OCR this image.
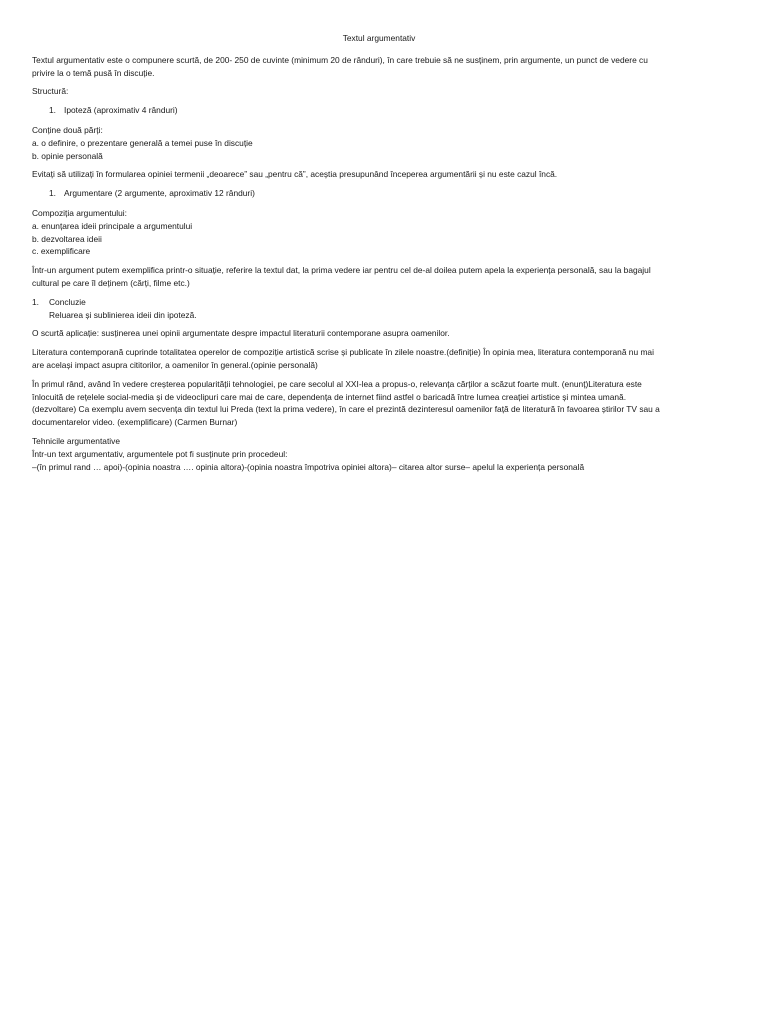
Textul argumentativ

Textul argumentativ este o compunere scurtă, de 200- 250 de cuvinte (minimum 20 de rânduri), în care trebuie să ne susținem, prin argumente, un punct de vedere cu

privire la o temă pusă în discuție.

Structură:

1. Ipoteză (aproximativ 4 rânduri)

Conține două părți:

a. o definire, o prezentare generală a temei puse în discuție

b. opinie personală

Evitați să utilizați în formularea opiniei termenii „deoarece” sau „pentru că”, aceștia presupunând începerea argumentării și nu este cazul încă.

1. Argumentare (2 argumente, aproximativ 12 rânduri)

Compoziția argumentului:

a. enunțarea ideii principale a argumentului

b. dezvoltarea ideii

c. exemplificare

Într-un argument putem exemplifica printr-o situație, referire la textul dat, la prima vedere iar pentru cel de-al doilea putem apela la experiența personală, sau la bagajul

cultural pe care îl deținem (cărți, filme etc.)

1. Concluzie

Reluarea și sublinierea ideii din ipoteză.

O scurtă aplicație: susținerea unei opinii argumentate despre impactul literaturii contemporane asupra oamenilor.

Literatura contemporană cuprinde totalitatea operelor de compoziție artistică scrise și publicate în zilele noastre.(definiție) În opinia mea, literatura contemporană nu mai

are același impact asupra cititorilor, a oamenilor în general.(opinie personală)

În primul rând, având în vedere creșterea popularității tehnologiei, pe care secolul al XXI-lea a propus-o, relevanța cărților a scăzut foarte mult. (enunț)Literatura este

înlocuită de rețelele social-media și de videoclipuri care mai de care, dependența de internet fiind astfel o baricadă între lumea creației artistice și mintea umană.

(dezvoltare) Ca exemplu avem secvența din textul lui Preda (text la prima vedere), în care el prezintă dezinteresul oamenilor față de literatură în favoarea știrilor TV sau a

documentarelor video. (exemplificare) (Carmen Burnar)

Tehnicile argumentative

Într-un text argumentativ, argumentele pot fi susținute prin procedeul:

–(în primul rand … apoi)-(opinia noastra …. opinia altora)-(opinia noastra împotriva opiniei altora)– citarea altor surse– apelul la experiența personală
